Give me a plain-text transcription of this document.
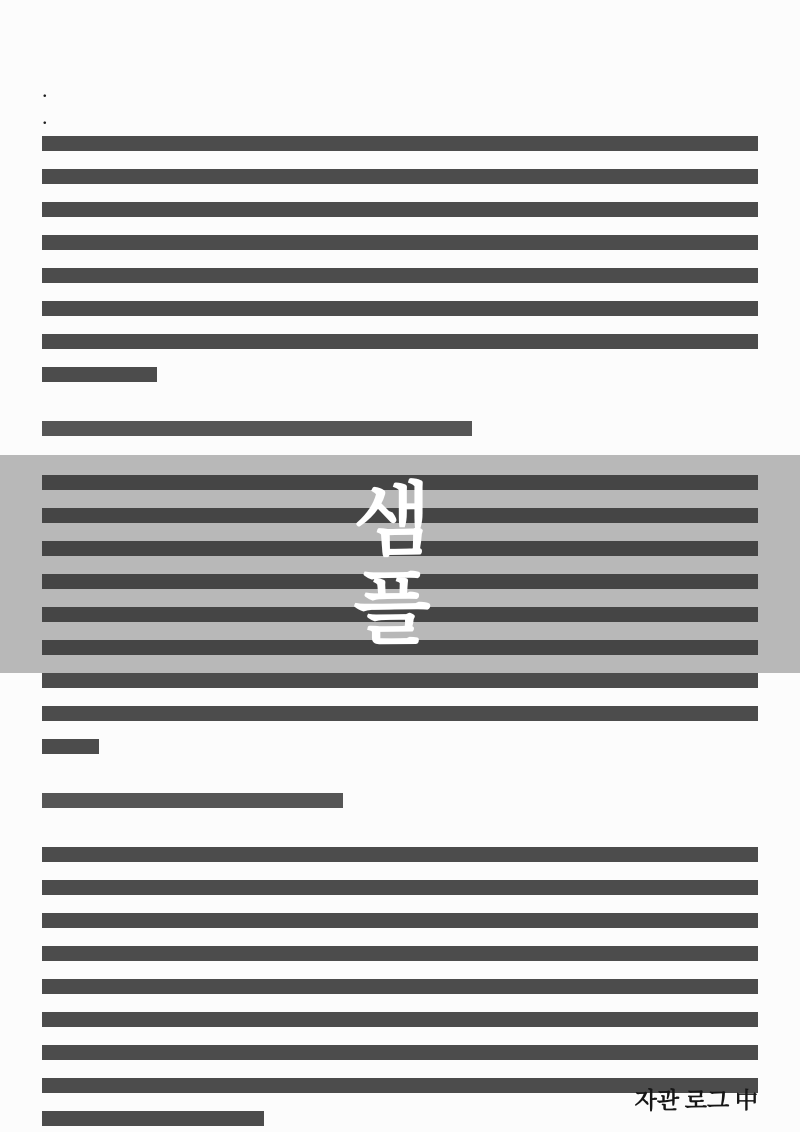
.
.
샘
플
자관 로그 中
